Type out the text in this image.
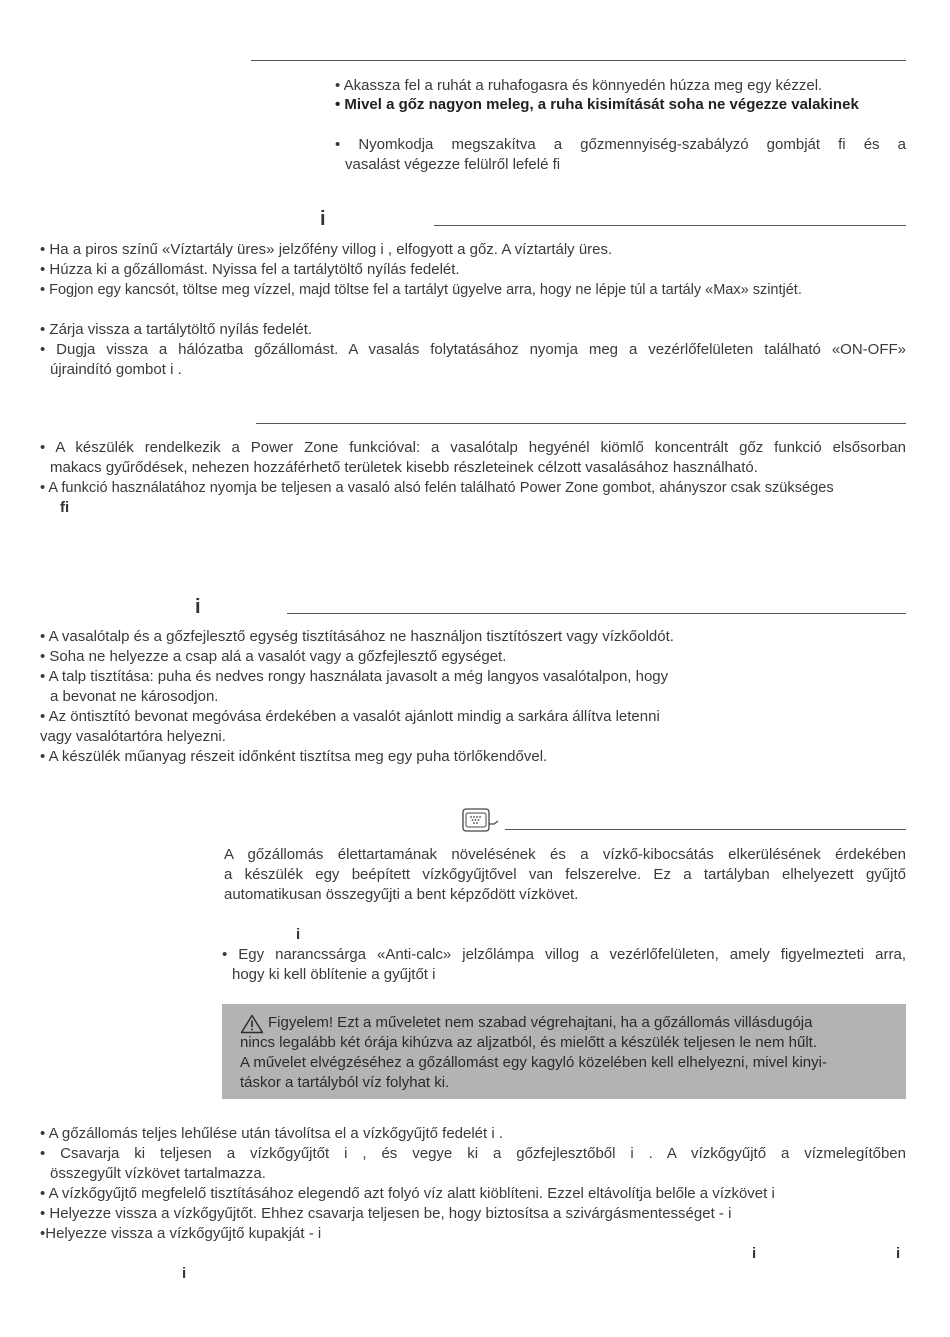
• Akassza fel a ruhát a ruhafogasra és könnyedén húzza meg egy kézzel.
• Mivel a gőz nagyon meleg, a ruha kisimítását soha ne végezze valakinek
• Nyomkodja megszakítva a gőzmennyiség-szabályzó gombját fi és a
vasalást végezze felülről lefelé fi
i
• Ha a piros színű «Víztartály üres» jelzőfény villog i , elfogyott a gőz. A víztartály üres.
• Húzza ki a gőzállomást. Nyissa fel a tartálytöltő nyílás fedelét.
• Fogjon egy kancsót, töltse meg vízzel, majd töltse fel a tartályt ügyelve arra, hogy ne lépje túl a tartály «Max» szintjét.
• Zárja vissza a tartálytöltő nyílás fedelét.
• Dugja vissza a hálózatba gőzállomást. A vasalás folytatásához nyomja meg a vezérlőfelületen található «ON-OFF»
újraindító gombot i .
• A készülék rendelkezik a Power Zone funkcióval: a vasalótalp hegyénél kiömlő koncentrált gőz funkció elsősorban
makacs gyűrődések, nehezen hozzáférhető területek kisebb részleteinek célzott vasalásához használható.
• A funkció használatához nyomja be teljesen a vasaló alsó felén található Power Zone gombot, ahányszor csak szükséges
fi
i
• A vasalótalp és a gőzfejlesztő egység tisztításához ne használjon tisztítószert vagy vízkőoldót.
• Soha ne helyezze a csap alá a vasalót vagy a gőzfejlesztő egységet.
• A talp tisztítása: puha és nedves rongy használata javasolt a még langyos vasalótalpon, hogy
a bevonat ne károsodjon.
• Az öntisztító bevonat megóvása érdekében a vasalót ajánlott mindig a sarkára állítva letenni
vagy vasalótartóra helyezni.
• A készülék műanyag részeit időnként tisztítsa meg egy puha törlőkendővel.
A gőzállomás élettartamának növelésének és a vízkő-kibocsátás elkerülésének érdekében
a készülék egy beépített vízkőgyűjtővel van felszerelve. Ez a tartályban elhelyezett gyűjtő
automatikusan összegyűjti a bent képződött vízkövet.
i
• Egy narancssárga «Anti-calc» jelzőlámpa villog a vezérlőfelületen, amely figyelmezteti arra,
hogy ki kell öblítenie a gyűjtőt i
Figyelem! Ezt a műveletet nem szabad végrehajtani, ha a gőzállomás villásdugója
nincs legalább két órája kihúzva az aljzatból, és mielőtt a készülék teljesen le nem hűlt.
A művelet elvégzéséhez a gőzállomást egy kagyló közelében kell elhelyezni, mivel kinyi-
táskor a tartályból víz folyhat ki.
• A gőzállomás teljes lehűlése után távolítsa el a vízkőgyűjtő fedelét i .
• Csavarja ki teljesen a vízkőgyűjtőt i , és vegye ki a gőzfejlesztőből i . A vízkőgyűjtő a vízmelegítőben
összegyűlt vízkövet tartalmazza.
• A vízkőgyűjtő megfelelő tisztításához elegendő azt folyó víz alatt kiöblíteni. Ezzel eltávolítja belőle a vízkövet i
• Helyezze vissza a vízkőgyűjtőt. Ehhez csavarja teljesen be, hogy biztosítsa a szivárgásmentességet - i
•Helyezze vissza a vízkőgyűjtő kupakját - i
i	i
i
